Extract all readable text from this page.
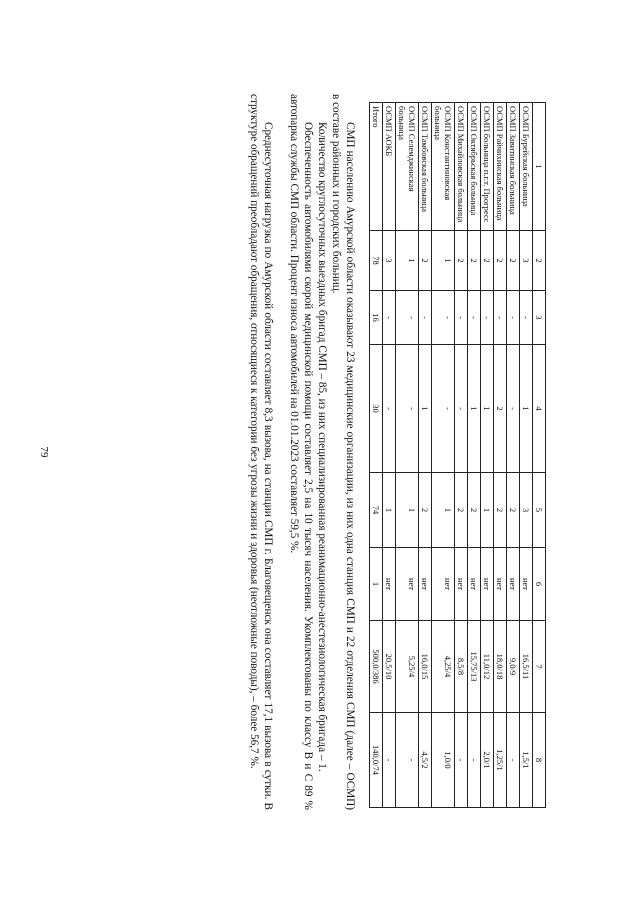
79
1	2	3	4	5	6	7	8
ОСМП Бурейская больница	3	-	1	3	нет	16,5/11	1,5/1
ОСМП Завитинская больница	2	-	-	2	нет	9,0/9	-
ОСМП Райчихинская больница	2	-	2	2	нет	18,0/18	1,25/1
ОСМП больница п.г.т. Прогресс	2	-	1	1	нет	11,0/12	2,0/1
ОСМП Октябрьская больница	2	-	1	2	нет	15,75/13	-
ОСМП Михайловская больница	2	-	-	2	нет	8,5/8	-
ОСМП Константиновская больница	1	-	-	1	нет	4,25/4	1,0/0
ОСМП Тамбовская больница	2	-	1	2	нет	16,0/15	4,5/2
ОСМП Селемджинская больница	1	-	-	1	нет	5,25/4	-
ОСМП АОКБ	3	-	-	1	нет	20,5/10	-
Итого	78	16	30	74	1	500,0/386	140,0/74

СМП населению Амурской области оказывают 23 медицинские организации, из них одна станция СМП и 22 отделения СМП (далее – ОСМП) в составе районных и городских больниц.

Количество круглосуточных выездных бригад СМП – 85, из них специализированная реанимационно-анестезиологическая бригада – 1.

Обеспеченность автомобилями скорой медицинской помощи составляет 2,5 на 10 тысяч населения. Укомплектованы по классу В и С 89 % автопарка службы СМП области. Процент износа автомобилей на 01.01.2023 составляет 59,5 %.

Среднесуточная нагрузка по Амурской области составляет 8,3 вызова, на станции СМП г. Благовещенск она составляет 17,1 вызова в сутки. В структуре обращений преобладают обращения, относящиеся к категории без угрозы жизни и здоровья (неотложные поводы), – более 56,7 %.
